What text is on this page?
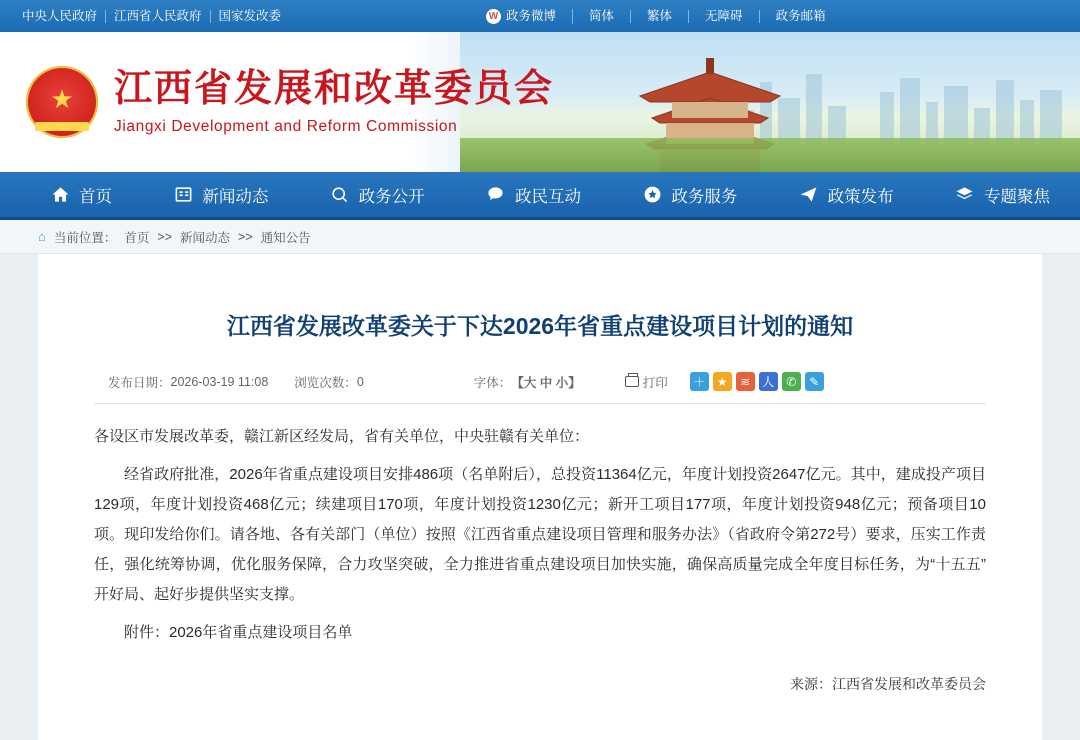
中央人民政府	江西省人民政府	国家发改委	W 政务微博	简体	繁体	无障碍	政务邮箱
★
江西省发展和改革委员会
Jiangxi Development and Reform Commission
首页	新闻动态	政务公开	政民互动	政务服务	政策发布	专题聚焦
⌂ 当前位置： 首页 >> 新闻动态 >> 通知公告
江西省发展改革委关于下达2026年省重点建设项目计划的通知
发布日期： 2026-03-19 11:08 浏览次数： 0	字体： 【大 中 小】	打印 ＋ ★	≋ 人 ✆	✎

各设区市发展改革委，赣江新区经发局，省有关单位，中央驻赣有关单位：

经省政府批准，2026年省重点建设项目安排486项（名单附后），总投资11364亿元，年度计划投资2647亿元。其中，建成投产项目129项，年度计划投资468亿元；续建项目170项，年度计划投资1230亿元；新开工项目177项，年度计划投资948亿元；预备项目10项。现印发给你们。请各地、各有关部门（单位）按照《江西省重点建设项目管理和服务办法》（省政府令第272号）要求，压实工作责任，强化统筹协调，优化服务保障，合力攻坚突破，全力推进省重点建设项目加快实施，确保高质量完成全年度目标任务，为“十五五”开好局、起好步提供坚实支撑。

附件：2026年省重点建设项目名单

来源：江西省发展和改革委员会
